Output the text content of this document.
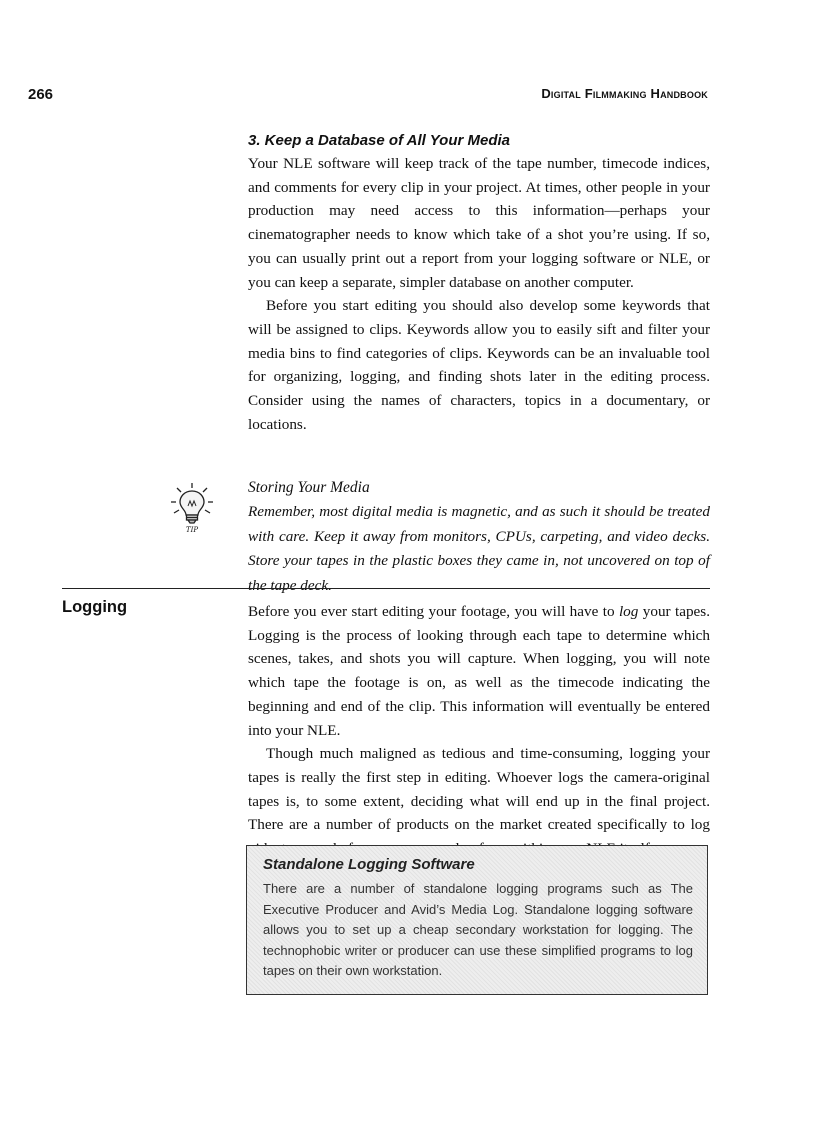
266	Digital Filmmaking Handbook
3. Keep a Database of All Your Media

Your NLE software will keep track of the tape number, timecode indices, and comments for every clip in your project. At times, other people in your production may need access to this information—perhaps your cinematographer needs to know which take of a shot you’re using. If so, you can usually print out a report from your logging software or NLE, or you can keep a separate, simpler database on another computer.

Before you start editing you should also develop some keywords that will be assigned to clips. Keywords allow you to easily sift and filter your media bins to find categories of clips. Keywords can be an invaluable tool for organizing, logging, and finding shots later in the editing process. Consider using the names of characters, topics in a documentary, or locations.

TIP

Storing Your Media

Remember, most digital media is magnetic, and as such it should be treated with care. Keep it away from monitors, CPUs, carpeting, and video decks. Store your tapes in the plastic boxes they came in, not uncovered on top of the tape deck.

Logging	Before you ever start editing your footage, you will have to log your tapes. Logging is the process of looking through each tape to determine which scenes, takes, and shots you will capture. When logging, you will note which tape the footage is on, as well as the timecode indicating the beginning and end of the clip. This information will eventually be entered into your NLE.

Though much maligned as tedious and time-consuming, logging your tapes is really the first step in editing. Whoever logs the camera-original tapes is, to some extent, deciding what will end up in the final project. There are a number of products on the market created specifically to log

Standalone Logging Software

There are a number of standalone logging programs such as The Executive Producer and Avid’s Media Log. Standalone logging software allows you to set up a cheap secondary workstation for logging. The technophobic writer or producer can use these simplified programs to log tapes on their own workstation.
